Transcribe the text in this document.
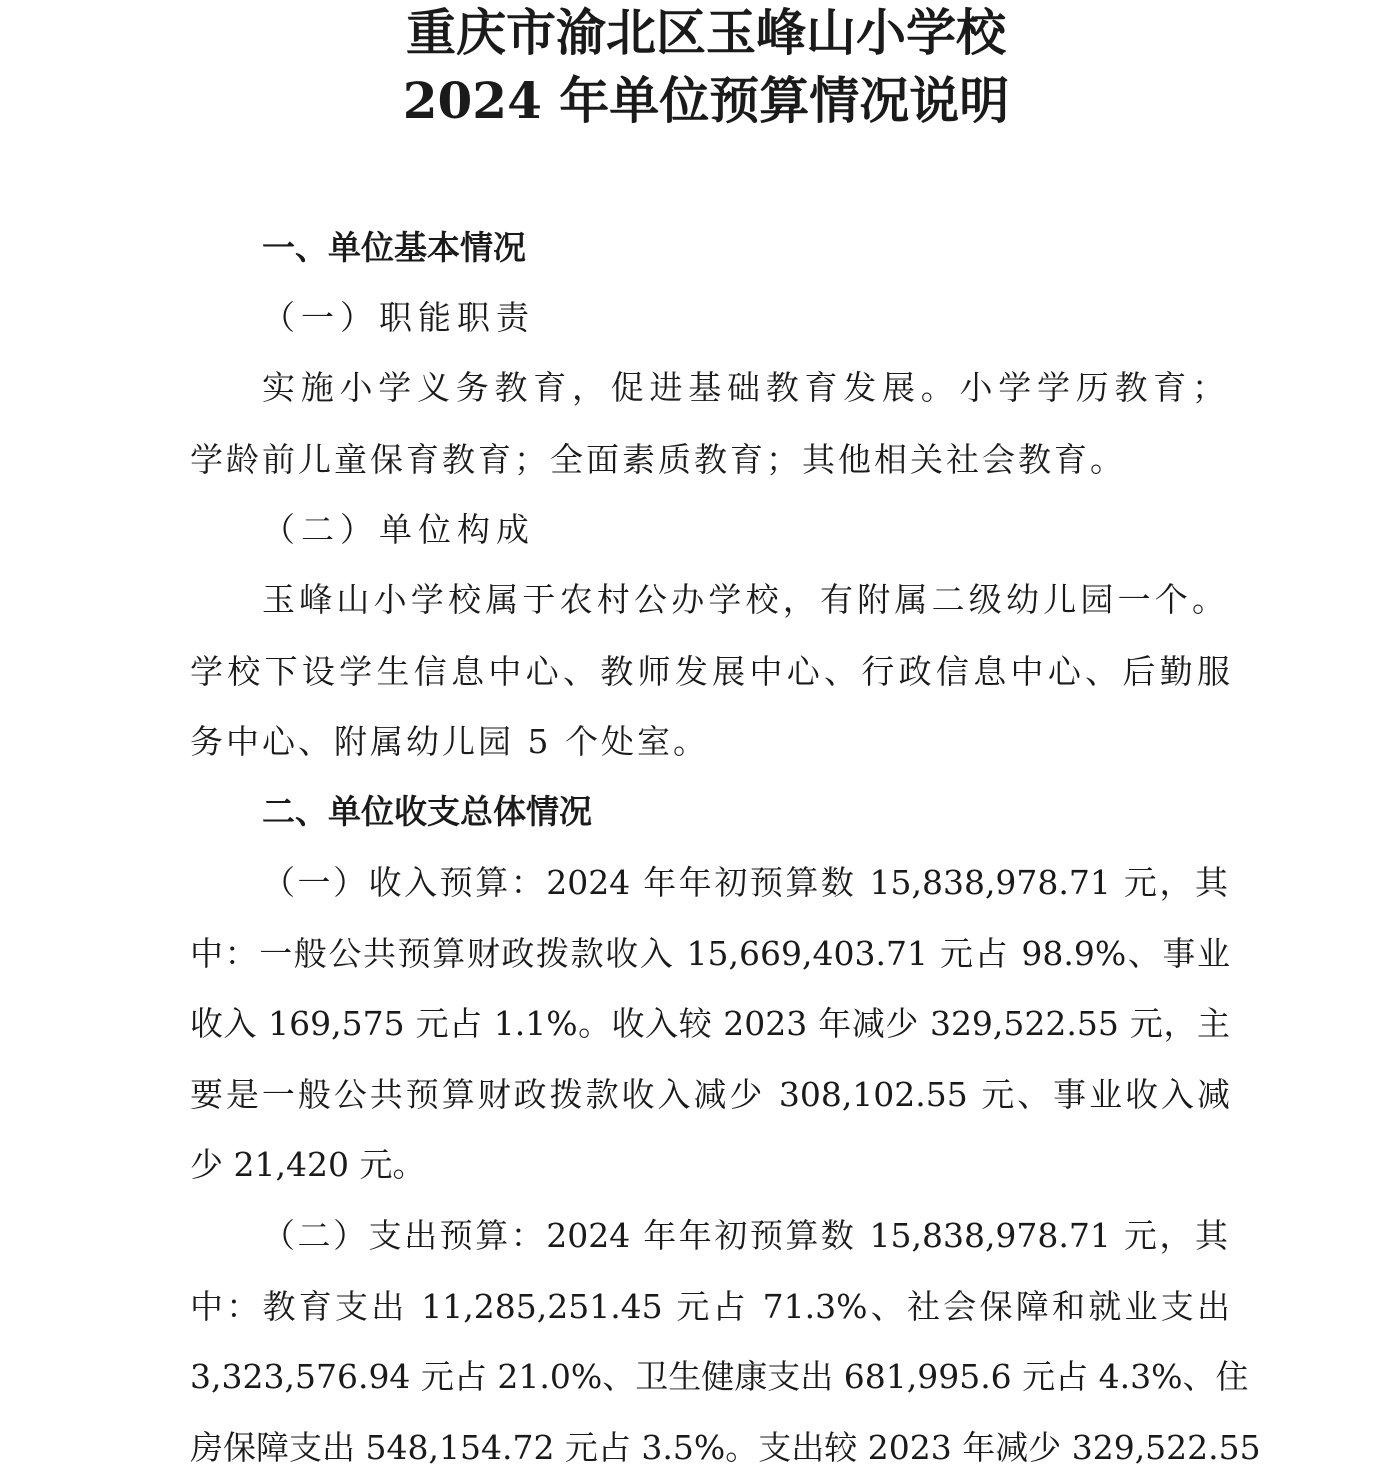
重庆市渝北区玉峰山小学校
2024 年单位预算情况说明
一、单位基本情况
（一）职能职责
实施小学义务教育，促进基础教育发展。小学学历教育；
学龄前儿童保育教育；全面素质教育；其他相关社会教育。
（二）单位构成
玉峰山小学校属于农村公办学校，有附属二级幼儿园一个。
学校下设学生信息中心、教师发展中心、行政信息中心、后勤服
务中心、附属幼儿园 5 个处室。
二、单位收支总体情况
（一）收入预算：2024 年年初预算数 15,838,978.71 元，其
中：一般公共预算财政拨款收入 15,669,403.71 元占 98.9%、事业
收入 169,575 元占 1.1%。收入较 2023 年减少 329,522.55 元，主
要是一般公共预算财政拨款收入减少 308,102.55 元、事业收入减
少 21,420 元。
（二）支出预算：2024 年年初预算数 15,838,978.71 元，其
中：教育支出 11,285,251.45 元占 71.3%、社会保障和就业支出
3,323,576.94 元占 21.0%、卫生健康支出 681,995.6 元占 4.3%、住
房保障支出 548,154.72 元占 3.5%。支出较 2023 年减少 329,522.55
